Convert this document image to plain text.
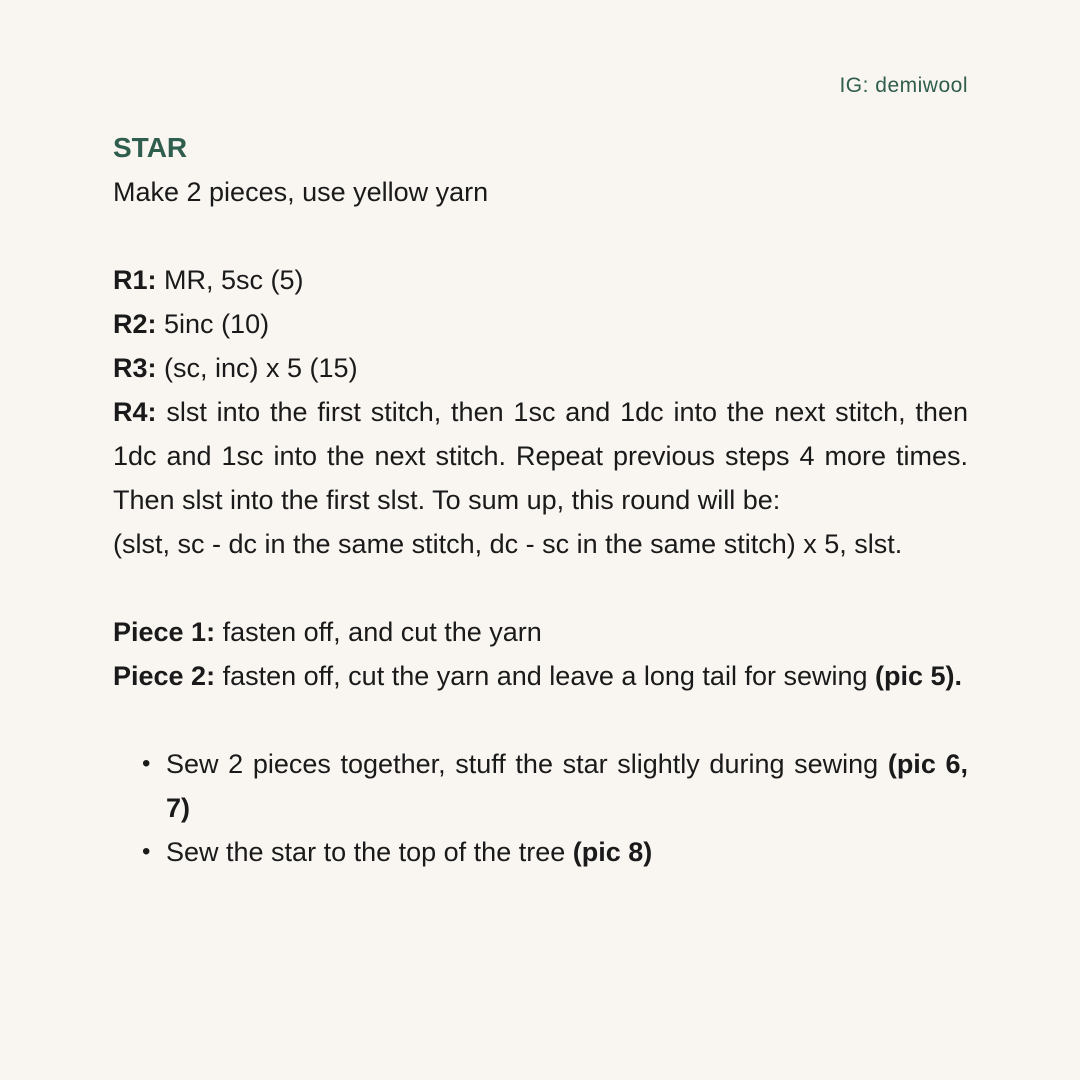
IG: demiwool

STAR

Make 2 pieces, use yellow yarn

R1: MR, 5sc (5)

R2: 5inc (10)

R3: (sc, inc) x 5 (15)

R4: slst into the first stitch, then 1sc and 1dc into the next stitch, then 1dc and 1sc into the next stitch. Repeat previous steps 4 more times. Then slst into the first slst. To sum up, this round will be:

(slst, sc - dc in the same stitch, dc - sc in the same stitch) x 5, slst.

Piece 1: fasten off, and cut the yarn

Piece 2: fasten off, cut the yarn and leave a long tail for sewing (pic 5).

• Sew 2 pieces together, stuff the star slightly during sewing (pic 6, 7)
• Sew the star to the top of the tree (pic 8)
